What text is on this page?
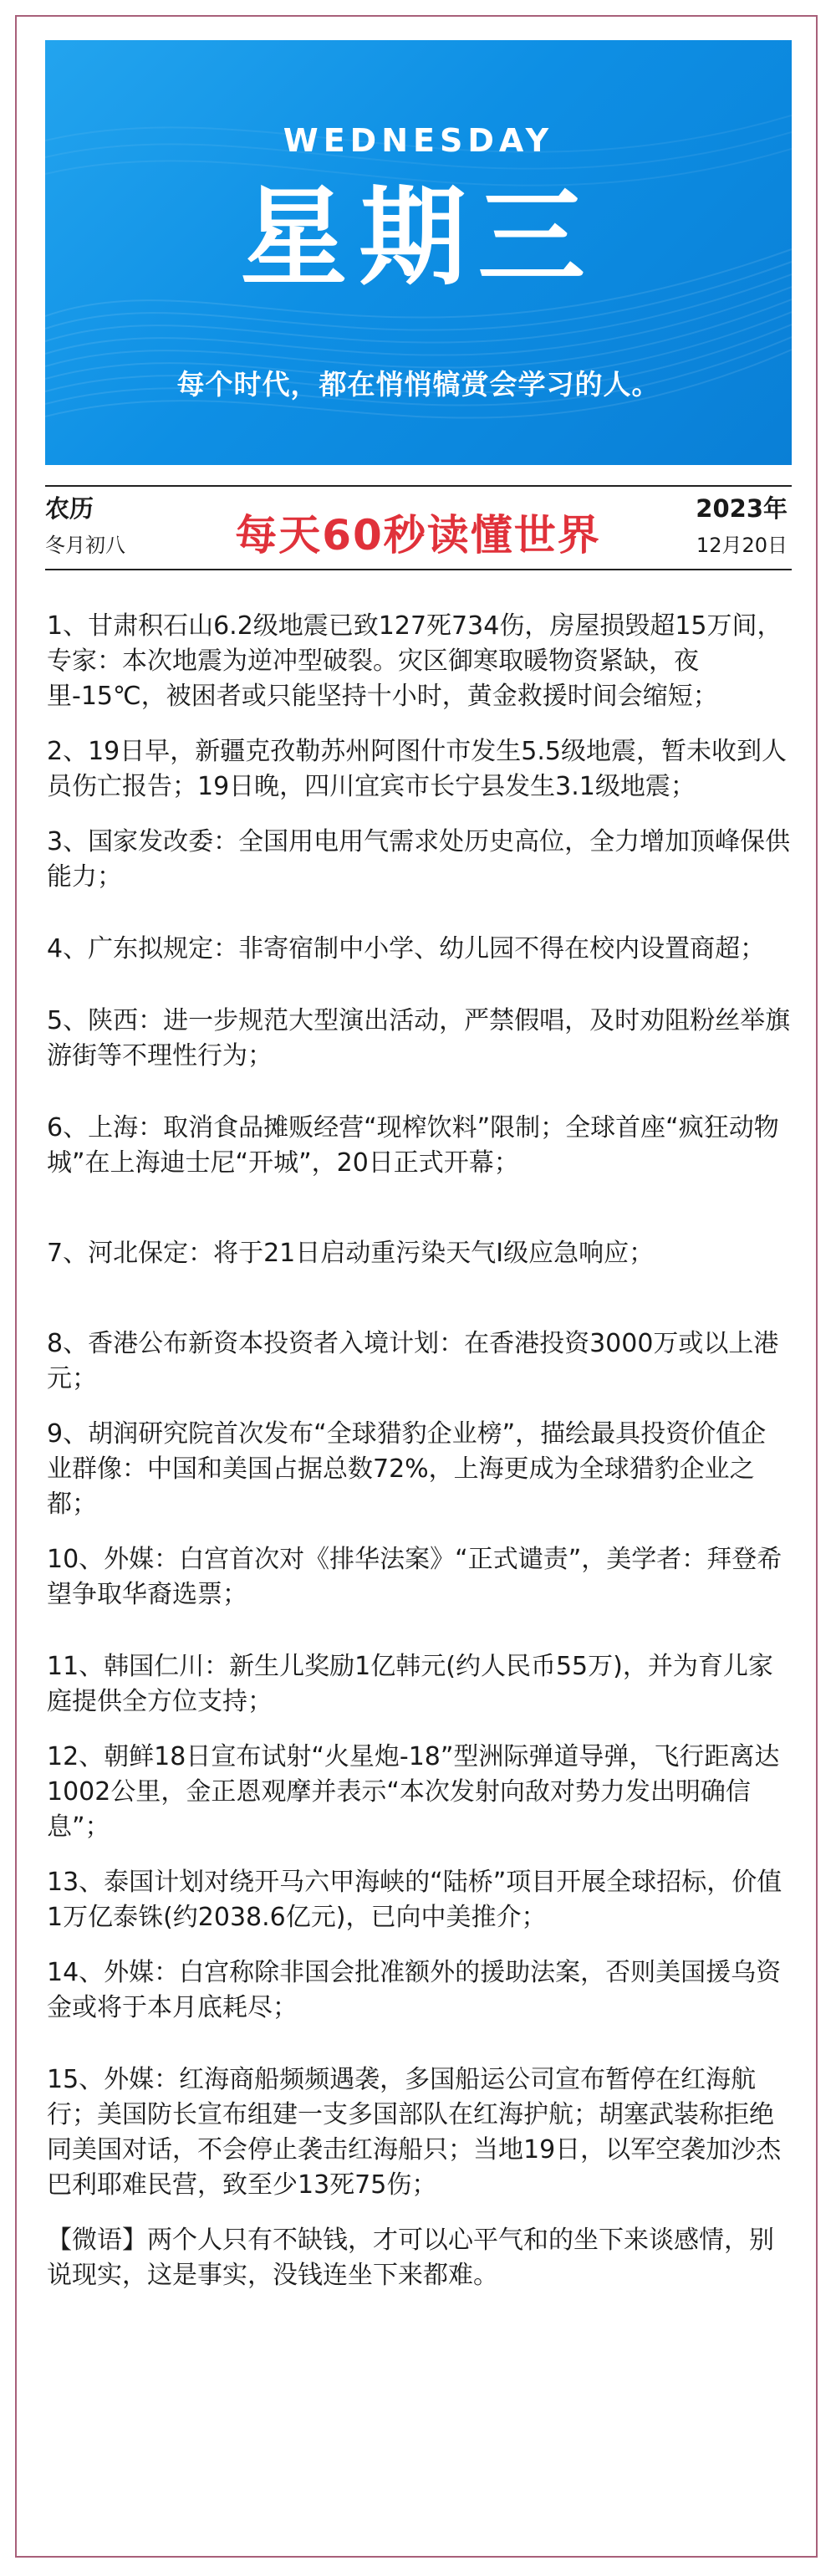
WEDNESDAY
星期三
每个时代，都在悄悄犒赏会学习的人。
农历
冬月初八	每天60秒读懂世界
2023年
12月20日
1、甘肃积石山6.2级地震已致127死734伤，房屋损毁超15万间，专家：本次地震为逆冲型破裂。灾区御寒取暖物资紧缺，夜里-15℃，被困者或只能坚持十小时，黄金救援时间会缩短；
2、19日早，新疆克孜勒苏州阿图什市发生5.5级地震，暂未收到人员伤亡报告；19日晚，四川宜宾市长宁县发生3.1级地震；
3、国家发改委：全国用电用气需求处历史高位，全力增加顶峰保供能力；
4、广东拟规定：非寄宿制中小学、幼儿园不得在校内设置商超；
5、陕西：进一步规范大型演出活动，严禁假唱，及时劝阻粉丝举旗游街等不理性行为；
6、上海：取消食品摊贩经营“现榨饮料”限制；全球首座“疯狂动物城”在上海迪士尼“开城”，20日正式开幕；
7、河北保定：将于21日启动重污染天气Ⅰ级应急响应；
8、香港公布新资本投资者入境计划：在香港投资3000万或以上港元；
9、胡润研究院首次发布“全球猎豹企业榜”，描绘最具投资价值企业群像：中国和美国占据总数72%，上海更成为全球猎豹企业之都；
10、外媒：白宫首次对《排华法案》“正式谴责”，美学者：拜登希望争取华裔选票；
11、韩国仁川：新生儿奖励1亿韩元(约人民币55万)，并为育儿家庭提供全方位支持；
12、朝鲜18日宣布试射“火星炮-18”型洲际弹道导弹，飞行距离达1002公里，金正恩观摩并表示“本次发射向敌对势力发出明确信息”；
13、泰国计划对绕开马六甲海峡的“陆桥”项目开展全球招标，价值1万亿泰铢(约2038.6亿元)，已向中美推介；
14、外媒：白宫称除非国会批准额外的援助法案，否则美国援乌资金或将于本月底耗尽；
15、外媒：红海商船频频遇袭，多国船运公司宣布暂停在红海航行；美国防长宣布组建一支多国部队在红海护航；胡塞武装称拒绝同美国对话，不会停止袭击红海船只；当地19日，以军空袭加沙杰巴利耶难民营，致至少13死75伤；
【微语】两个人只有不缺钱，才可以心平气和的坐下来谈感情，别说现实，这是事实，没钱连坐下来都难。
